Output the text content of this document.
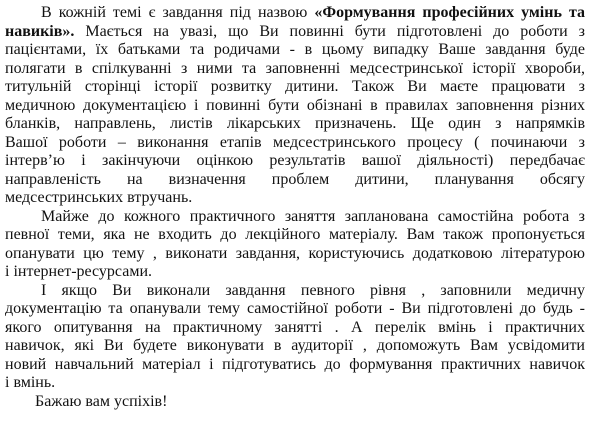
В кожній темі є завдання під назвою «Формування професійних умінь та
навиків». Мається на увазі, що Ви повинні бути підготовлені до роботи з
пацієнтами, їх батьками та родичами - в цьому випадку Ваше завдання буде
полягати в спілкуванні з ними та заповненні медсестринської історії хвороби,
титульній сторінці історії розвитку дитини. Також Ви маєте працювати з
медичною документацією і повинні бути обізнані в правилах заповнення різних
бланків, направлень, листів лікарських призначень. Ще один з напрямків
Вашої роботи – виконання етапів медсестринського процесу ( починаючи з
інтерв’ю і закінчуючи оцінкою результатів вашої діяльності) передбачає
направленість на визначення проблем дитини, планування обсягу
медсестринських втручань.
Майже до кожного практичного заняття запланована самостійна робота з
певної теми, яка не входить до лекційного матеріалу. Вам також пропонується
опанувати цю тему , виконати завдання, користуючись додатковою літературою
і інтернет-ресурсами.
І якщо Ви виконали завдання певного рівня , заповнили медичну
документацію та опанували тему самостійної роботи - Ви підготовлені до будь -
якого опитування на практичному занятті . А перелік вмінь і практичних
навичок, які Ви будете виконувати в аудиторії , допоможуть Вам усвідомити
новий навчальний матеріал і підготуватись до формування практичних навичок
і вмінь.
Бажаю вам успіхів!
